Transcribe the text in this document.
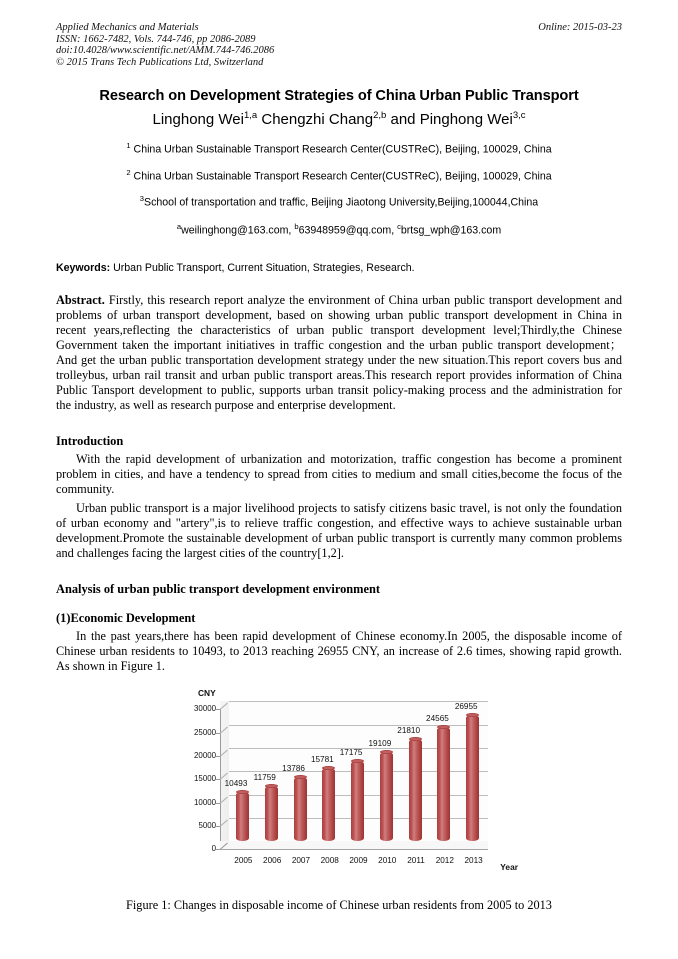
Applied Mechanics and Materials
ISSN: 1662-7482, Vols. 744-746, pp 2086-2089
doi:10.4028/www.scientific.net/AMM.744-746.2086
© 2015 Trans Tech Publications Ltd, Switzerland
Online: 2015-03-23
Research on Development Strategies of China Urban Public Transport
Linghong Wei$^{1,a}$ Chengzhi Chang$^{2,b}$ and Pinghong Wei$^{3,c}$
$^1$ China Urban Sustainable Transport Research Center(CUSTReC), Beijing, 100029, China
$^2$ China Urban Sustainable Transport Research Center(CUSTReC), Beijing, 100029, China
$^3$School of transportation and traffic, Beijing Jiaotong University,Beijing,100044,China
$^a$weilinghong@163.com, $^b$63948959@qq.com, $^c$brtsg_wph@163.com
Keywords: Urban Public Transport, Current Situation, Strategies, Research.
Abstract. Firstly, this research report analyze the environment of China urban public transport development and problems of urban transport development, based on showing urban public transport development in China in recent years,reflecting the characteristics of urban public transport development level;Thirdly,the Chinese Government taken the important initiatives in traffic congestion and the urban public transport development； And get the urban public transportation development strategy under the new situation.This report covers bus and trolleybus, urban rail transit and urban public transport areas.This research report provides information of China Public Tansport development to public, supports urban transit policy-making process and the administration for the industry, as well as research purpose and enterprise development.
Introduction

With the rapid development of urbanization and motorization, traffic congestion has become a prominent problem in cities, and have a tendency to spread from cities to medium and small cities,become the focus of the community.

Urban public transport is a major livelihood projects to satisfy citizens basic travel, is not only the foundation of urban economy and "artery",is to relieve traffic congestion, and effective ways to achieve sustainable urban development.Promote the sustainable development of urban public transport is currently many common problems and challenges facing the largest cities of the country[1,2].

Analysis of urban public transport development environment
(1)Economic Development

In the past years,there has been rapid development of Chinese economy.In 2005, the disposable income of Chinese urban residents to 10493, to 2013 reaching 26955 CNY, an increase of 2.6 times, showing rapid growth. As shown in Figure 1.

CNY
Year
30000
25000
20000
15000
10000
5000
0
10493
11759
13786
15781
17175
19109
21810
24565
26955
2005	2006	2007	2008	2009	2010	2011	2012	2013
Figure 1: Changes in disposable income of Chinese urban residents from 2005 to 2013
